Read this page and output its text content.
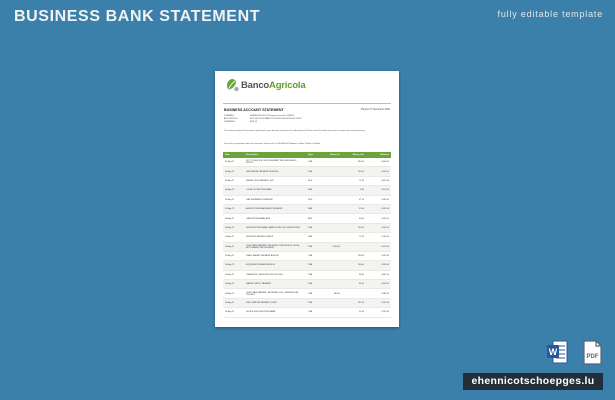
BUSINESS BANK STATEMENT	fully editable template
BancoAgricola
BUSINESS ACCOUNT STATEMENT	Printed: 07 December 2023
COMPANY:	GREEN FIELDS LTD Business account: 1234876
ACCOUNT NO:	6071 5455 0990 IBAN: PT50 0023 0004 5678 9012 3456 7
CURRENCY:	EUR (€)
This statement shows all transactions performed on your business account for the selected period. Please check the details and contact us if you notice any discrepancy.
If you have any questions about this statement, please call us at 000-000-000 Monday to Friday, 8.30am to 8.00pm.
Date	Description	Type	Money In	Money Out	Balance
01 Aug 22	OUT TO INVOICE #00245 PAYMENT REF 84503 AGRO SUPPLY	TRA		180.00	4 820.00
02 Aug 22	LINE RENTAL PAYMENT MONTHLY	TRA		125.00	4 695.00
03 Aug 22	ENERGY BILL PAYMENT 1022	DDR		73.20	4 621.80
04 Aug 22	LOCAL STORE PURCHASE	DEB		9.80	4 612.00
05 Aug 22	CAR INSURANCE PREMIUM	DDR		47.10	4 564.90
07 Aug 22	AGRICULTURE MACHINERY PAYMENT	DEB		32.40	4 532.50
08 Aug 22	CASH WITHDRAWAL ATM	ATM		40.00	4 492.50
09 Aug 22	SUPPLIES PURCHASE, FARM STORE 0012 (FERTILIZER)	TRA		250.00	4 242.50
10 Aug 22	SUPPLIER PAYMENT SEEDS	DEB		77.00	4 165.50
11 Aug 22	CUSTOMER PAYMENT RECEIVED 0230 INVOICE #00190, SETTLEMENT REF 9034 8834	TRA	1 850.00		6 015.50
12 Aug 22	STAFF SALARY PAYMENT AUGUST	TRA		920.00	5 095.50
14 Aug 22	EQUIPMENT REPAIR SERVICE	TRA		130.00	4 965.50
15 Aug 22	TRANSPORT SERVICES INVOICE 0441	TRA		98.00	4 867.50
16 Aug 22	WATER SUPPLY PAYMENT	TRA		64.00	4 803.50
18 Aug 22	CUSTOMER PAYMENT RECEIVED 0912, GREENHOUSE PROJECT	TRA	680.00		5 483.50
21 Aug 22	FUEL STATION PAYMENT, FLEET	TRA		231.10	5 252.40
24 Aug 22	OFFICE SUPPLIES PURCHASE	TRA		19.20	5 233.20
W	PDF
ehennicotschoepges.lu
